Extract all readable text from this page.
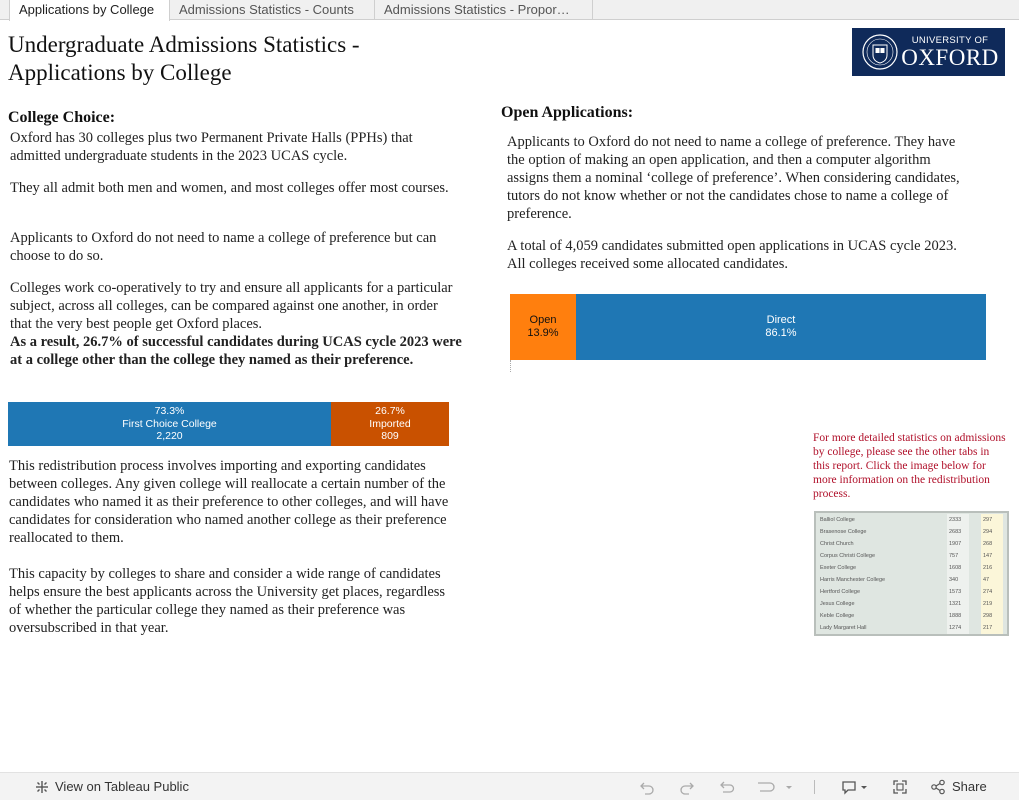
Applications by College	Admissions Statistics - Counts	Admissions Statistics - Propor…
Undergraduate Admissions Statistics - Applications by College
UNIVERSITY OF
OXFORD
College Choice:
Oxford has 30 colleges plus two Permanent Private Halls (PPHs) that admitted undergraduate students in the 2023 UCAS cycle.
They all admit both men and women, and most colleges offer most courses.
Applicants to Oxford do not need to name a college of preference but can choose to do so.
Colleges work co-operatively to try and ensure all applicants for a particular subject, across all colleges, can be compared against one another, in order that the very best people get Oxford places.
As a result, 26.7% of successful candidates during UCAS cycle 2023 were at a college other than the college they named as their preference.
73.3%
First Choice College
2,220
26.7%
Imported
809
This redistribution process involves importing and exporting candidates between colleges. Any given college will reallocate a certain number of the candidates who named it as their preference to other colleges, and will have candidates for consideration who named another college as their preference reallocated to them.
This capacity by colleges to share and consider a wide range of candidates helps ensure the best applicants across the University get places, regardless of whether the particular college they named as their preference was oversubscribed in that year.
Open Applications:
Applicants to Oxford do not need to name a college of preference. They have the option of making an open application, and then a computer algorithm assigns them a nominal ‘college of preference’. When considering candidates, tutors do not know whether or not the candidates chose to name a college of preference.
A total of 4,059 candidates submitted open applications in UCAS cycle 2023. All colleges received some allocated candidates.
Open
13.9%
Direct
86.1%
For more detailed statistics on admissions by college, please see the other tabs in this report. Click the image below for more information on the redistribution process.
Balliol College	2333	297
Brasenose College	2683	294
Christ Church	1907	268
Corpus Christi College	757	147
Exeter College	1608	216
Harris Manchester College	340	47
Hertford College	1573	274
Jesus College	1321	219
Keble College	1888	298
Lady Margaret Hall	1274	217
View on Tableau Public	Share
